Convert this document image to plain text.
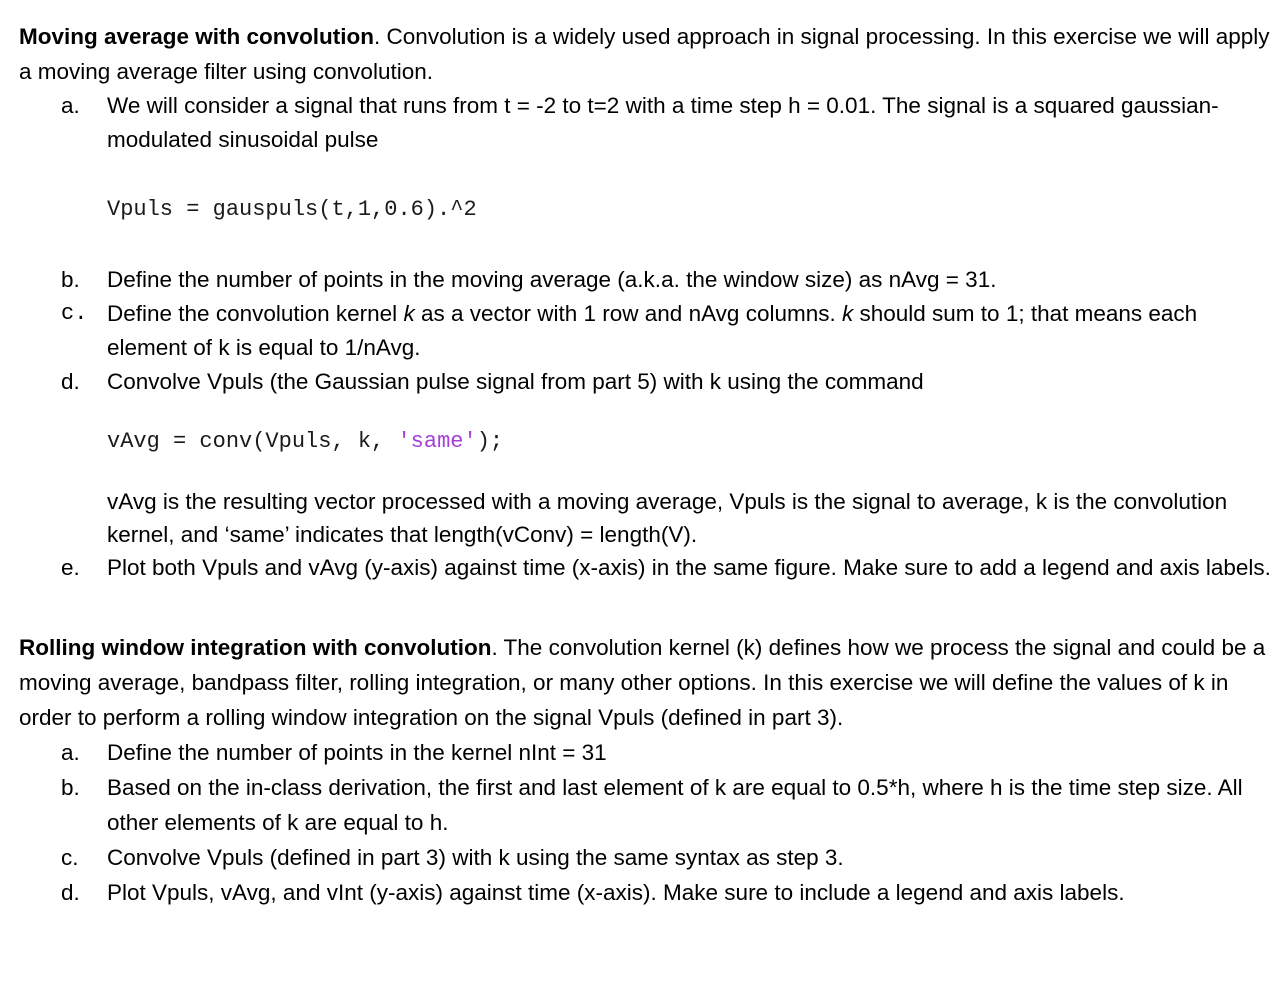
Moving average with convolution. Convolution is a widely used approach in signal processing. In this exercise we will apply a moving average filter using convolution.

a. We will consider a signal that runs from t = -2 to t=2 with a time step h = 0.01. The signal is a squared gaussian-modulated sinusoidal pulse
Vpuls = gauspuls(t,1,0.6).^2
b. Define the number of points in the moving average (a.k.a. the window size) as nAvg = 31.
c. Define the convolution kernel k as a vector with 1 row and nAvg columns. k should sum to 1; that means each element of k is equal to 1/nAvg.
d. Convolve Vpuls (the Gaussian pulse signal from part 5) with k using the command
vAvg = conv(Vpuls, k, 'same');
vAvg is the resulting vector processed with a moving average, Vpuls is the signal to average, k is the convolution kernel, and ‘same’ indicates that length(vConv) = length(V).
e. Plot both Vpuls and vAvg (y-axis) against time (x-axis) in the same figure. Make sure to add a legend and axis labels.

Rolling window integration with convolution. The convolution kernel (k) defines how we process the signal and could be a moving average, bandpass filter, rolling integration, or many other options. In this exercise we will define the values of k in order to perform a rolling window integration on the signal Vpuls (defined in part 3).

a. Define the number of points in the kernel nInt = 31
b. Based on the in-class derivation, the first and last element of k are equal to 0.5*h, where h is the time step size. All other elements of k are equal to h.
c. Convolve Vpuls (defined in part 3) with k using the same syntax as step 3.
d. Plot Vpuls, vAvg, and vInt (y-axis) against time (x-axis). Make sure to include a legend and axis labels.
